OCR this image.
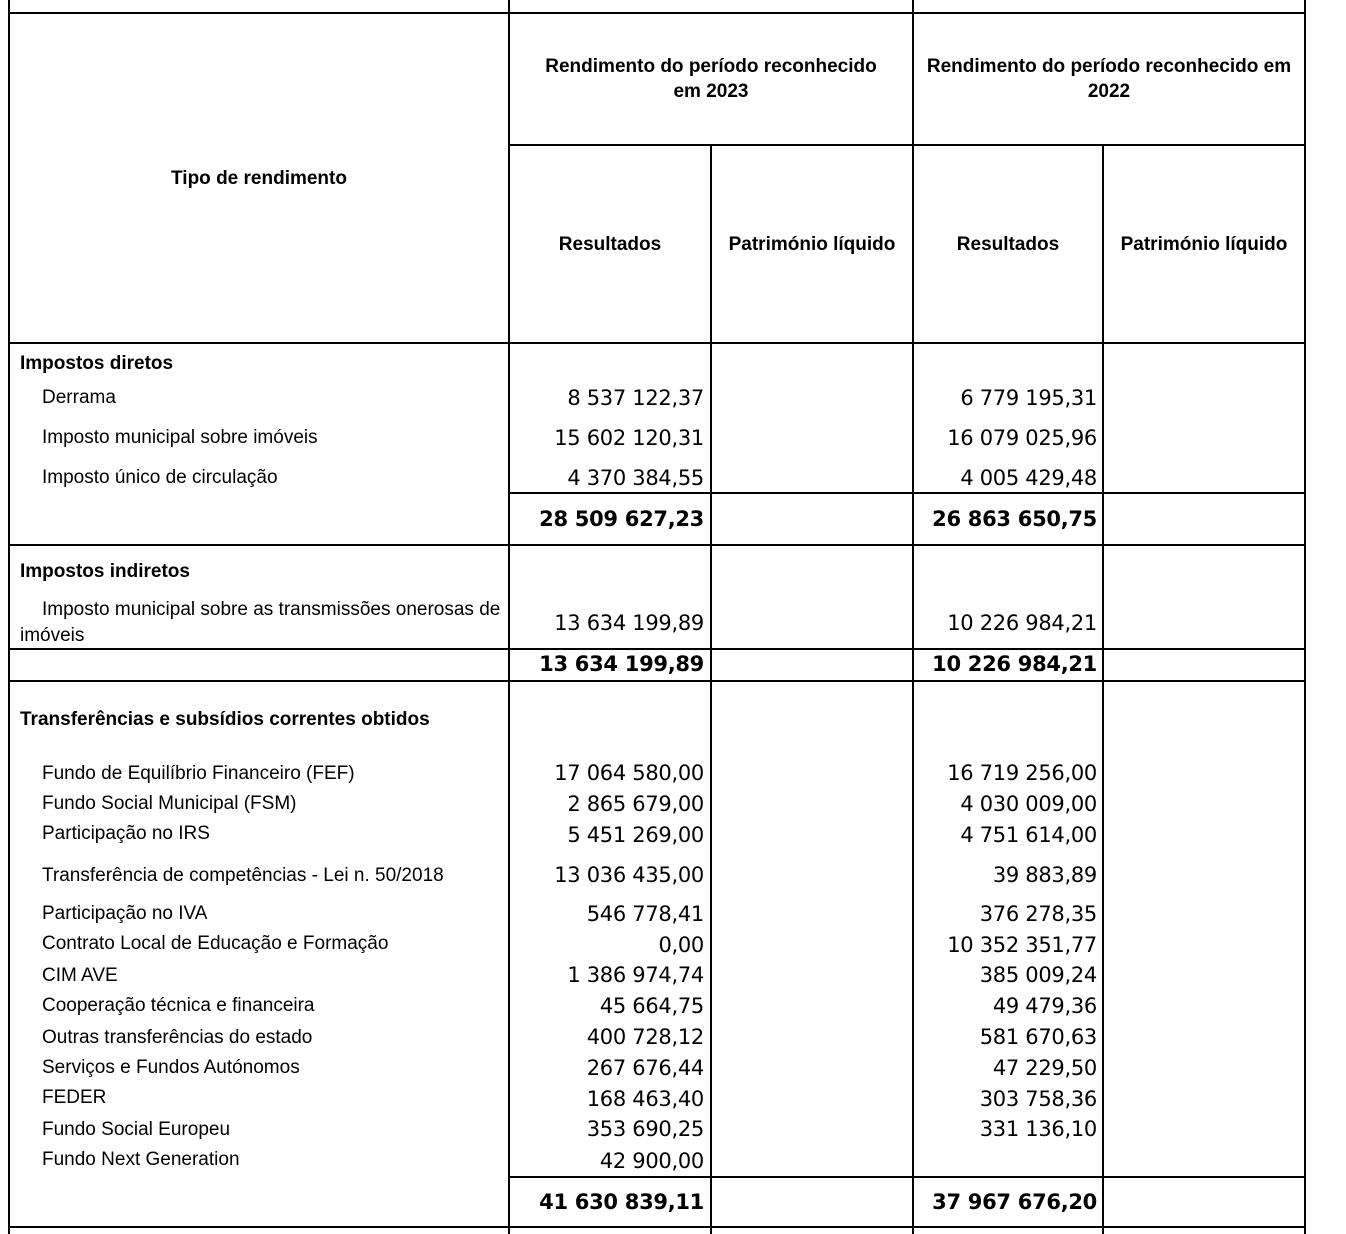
Tipo de rendimento
Rendimento do período reconhecido em 2023
Rendimento do período reconhecido em 2022
Resultados	Património líquido	Resultados	Património líquido
Impostos diretos
Derrama	8 537 122,37	6 779 195,31
Imposto municipal sobre imóveis	15 602 120,31	16 079 025,96
Imposto único de circulação	4 370 384,55	4 005 429,48
28 509 627,23	26 863 650,75
Impostos indiretos
Imposto municipal sobre as transmissões onerosas de
imóveis
13 634 199,89	10 226 984,21
13 634 199,89	10 226 984,21
Transferências e subsídios correntes obtidos
Fundo de Equilíbrio Financeiro (FEF)	17 064 580,00	16 719 256,00
Fundo Social Municipal (FSM)	2 865 679,00	4 030 009,00
Participação no IRS	5 451 269,00	4 751 614,00
Transferência de competências - Lei n. 50/2018	13 036 435,00	39 883,89
Participação no IVA	546 778,41	376 278,35
Contrato Local de Educação e Formação	0,00	10 352 351,77
CIM AVE	1 386 974,74	385 009,24
Cooperação técnica e financeira	45 664,75	49 479,36
Outras transferências do estado	400 728,12	581 670,63
Serviços e Fundos Autónomos	267 676,44	47 229,50
FEDER	168 463,40	303 758,36
Fundo Social Europeu	353 690,25	331 136,10
Fundo Next Generation	42 900,00
41 630 839,11	37 967 676,20
